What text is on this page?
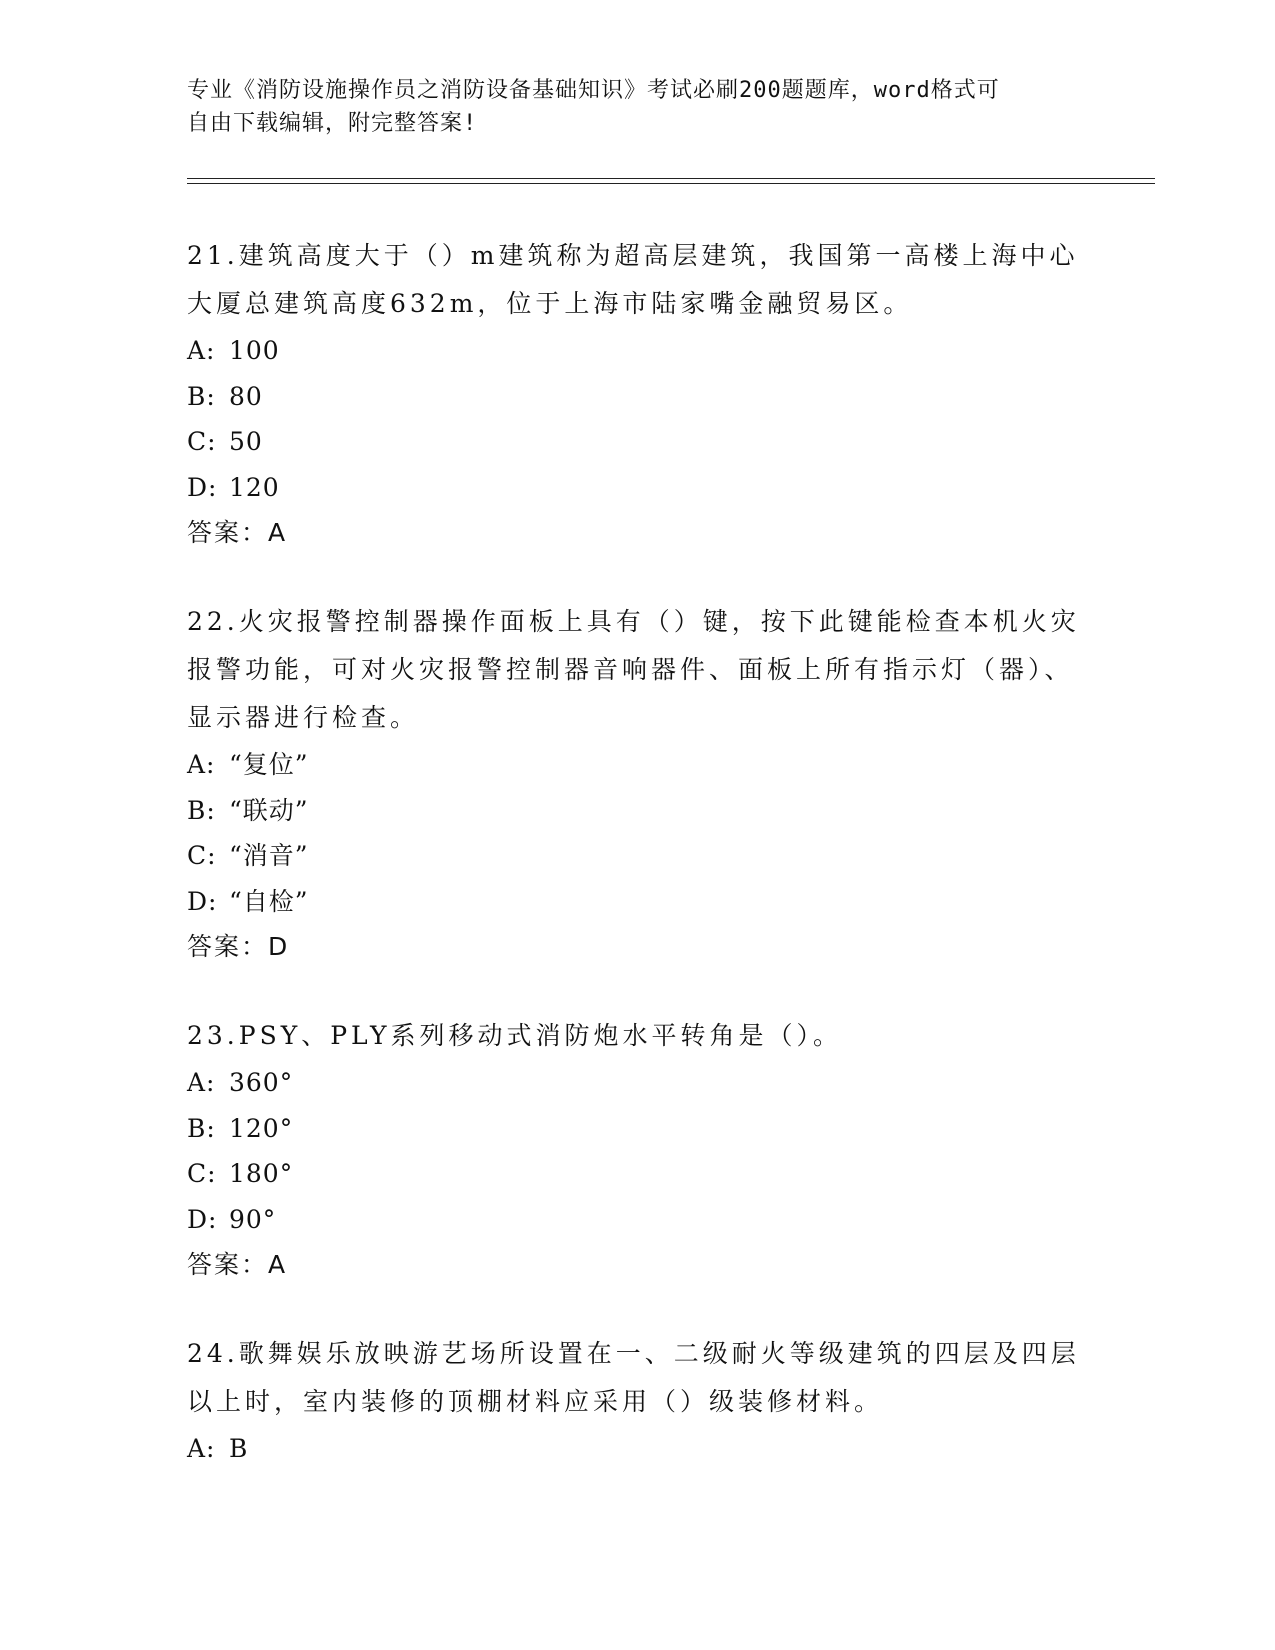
专业《消防设施操作员之消防设备基础知识》考试必刷200题题库，word格式可
自由下载编辑，附完整答案!

21.建筑高度大于（）m建筑称为超高层建筑，我国第一高楼上海中心大厦总建筑高度632m，位于上海市陆家嘴金融贸易区。

A: 100

B: 80

C: 50

D: 120

答案：A

22.火灾报警控制器操作面板上具有（）键，按下此键能检查本机火灾报警功能，可对火灾报警控制器音响器件、面板上所有指示灯（器）、显示器进行检查。

A: “复位”

B: “联动”

C: “消音”

D: “自检”

答案：D

23.PSY、PLY系列移动式消防炮水平转角是（）。

A: 360°

B: 120°

C: 180°

D: 90°

答案：A

24.歌舞娱乐放映游艺场所设置在一、二级耐火等级建筑的四层及四层以上时，室内装修的顶棚材料应采用（）级装修材料。

A: B
